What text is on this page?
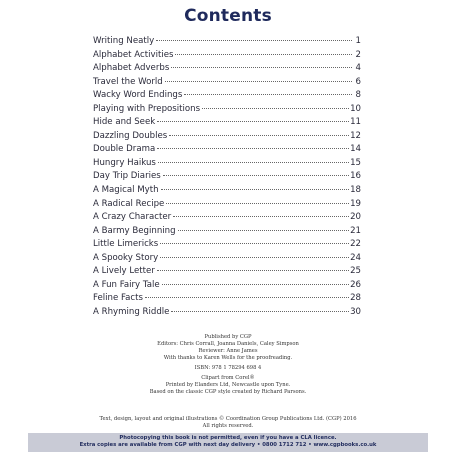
Contents
Writing Neatly	1
Alphabet Activities	2
Alphabet Adverbs	4
Travel the World	6
Wacky Word Endings	8
Playing with Prepositions	10
Hide and Seek	11
Dazzling Doubles	12
Double Drama	14
Hungry Haikus	15
Day Trip Diaries	16
A Magical Myth	18
A Radical Recipe	19
A Crazy Character	20
A Barmy Beginning	21
Little Limericks	22
A Spooky Story	24
A Lively Letter	25
A Fun Fairy Tale	26
Feline Facts	28
A Rhyming Riddle	30
Published by CGP
Editors: Chris Corrall, Joanna Daniels, Caley Simpson
Reviewer: Anne James
With thanks to Karen Wells for the proofreading.
ISBN: 978 1 78294 698 4
Clipart from Corel®
Printed by Elanders Ltd, Newcastle upon Tyne.
Based on the classic CGP style created by Richard Parsons.
Text, design, layout and original illustrations © Coordination Group Publications Ltd. (CGP) 2016
All rights reserved.
Photocopying this book is not permitted, even if you have a CLA licence.
Extra copies are available from CGP with next day delivery • 0800 1712 712 • www.cgpbooks.co.uk
